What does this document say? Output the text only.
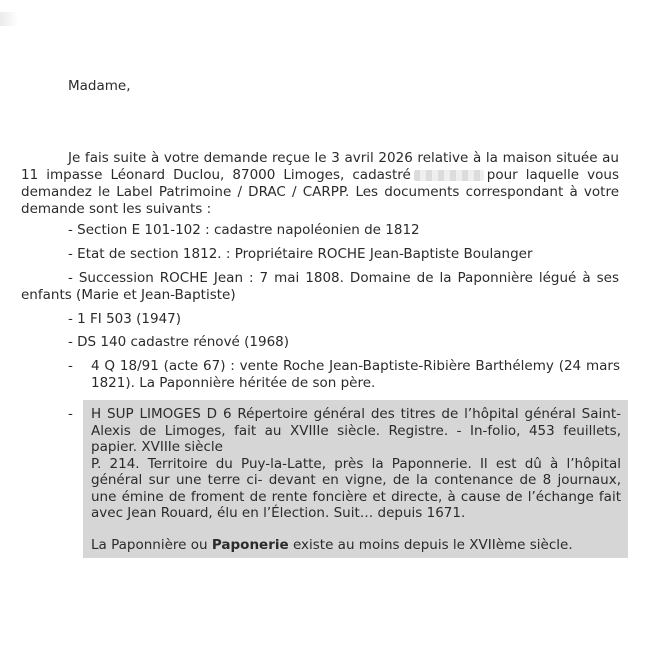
Madame,
Je fais suite à votre demande reçue le 3 avril 2026 relative à la maison située au 11 impasse Léonard Duclou, 87000 Limoges, cadastré	pour laquelle vous demandez le Label Patrimoine / DRAC / CARPP. Les documents correspondant à votre demande sont les suivants :
- Section E 101-102 : cadastre napoléonien de 1812
- Etat de section 1812. : Propriétaire ROCHE Jean-Baptiste Boulanger
- Succession ROCHE Jean : 7 mai 1808. Domaine de la Paponnière légué à ses enfants (Marie et Jean-Baptiste)
- 1 FI 503 (1947)
- DS 140 cadastre rénové (1968)
- 4 Q 18/91 (acte 67) : vente Roche Jean-Baptiste-Ribière Barthélemy (24 mars 1821). La Paponnière héritée de son père.
- H SUP LIMOGES D 6 Répertoire général des titres de l’hôpital général Saint-Alexis de Limoges, fait au XVIIIe siècle. Registre. - In-folio, 453 feuillets, papier. XVIIIe siècle

P. 214. Territoire du Puy-la-Latte, près la Paponnerie. Il est dû à l’hôpital général sur une terre ci- devant en vigne, de la contenance de 8 journaux, une émine de froment de rente foncière et directe, à cause de l’échange fait avec Jean Rouard, élu en l’Élection. Suit… depuis 1671.

La Paponnière ou Paponerie existe au moins depuis le XVIIème siècle.
